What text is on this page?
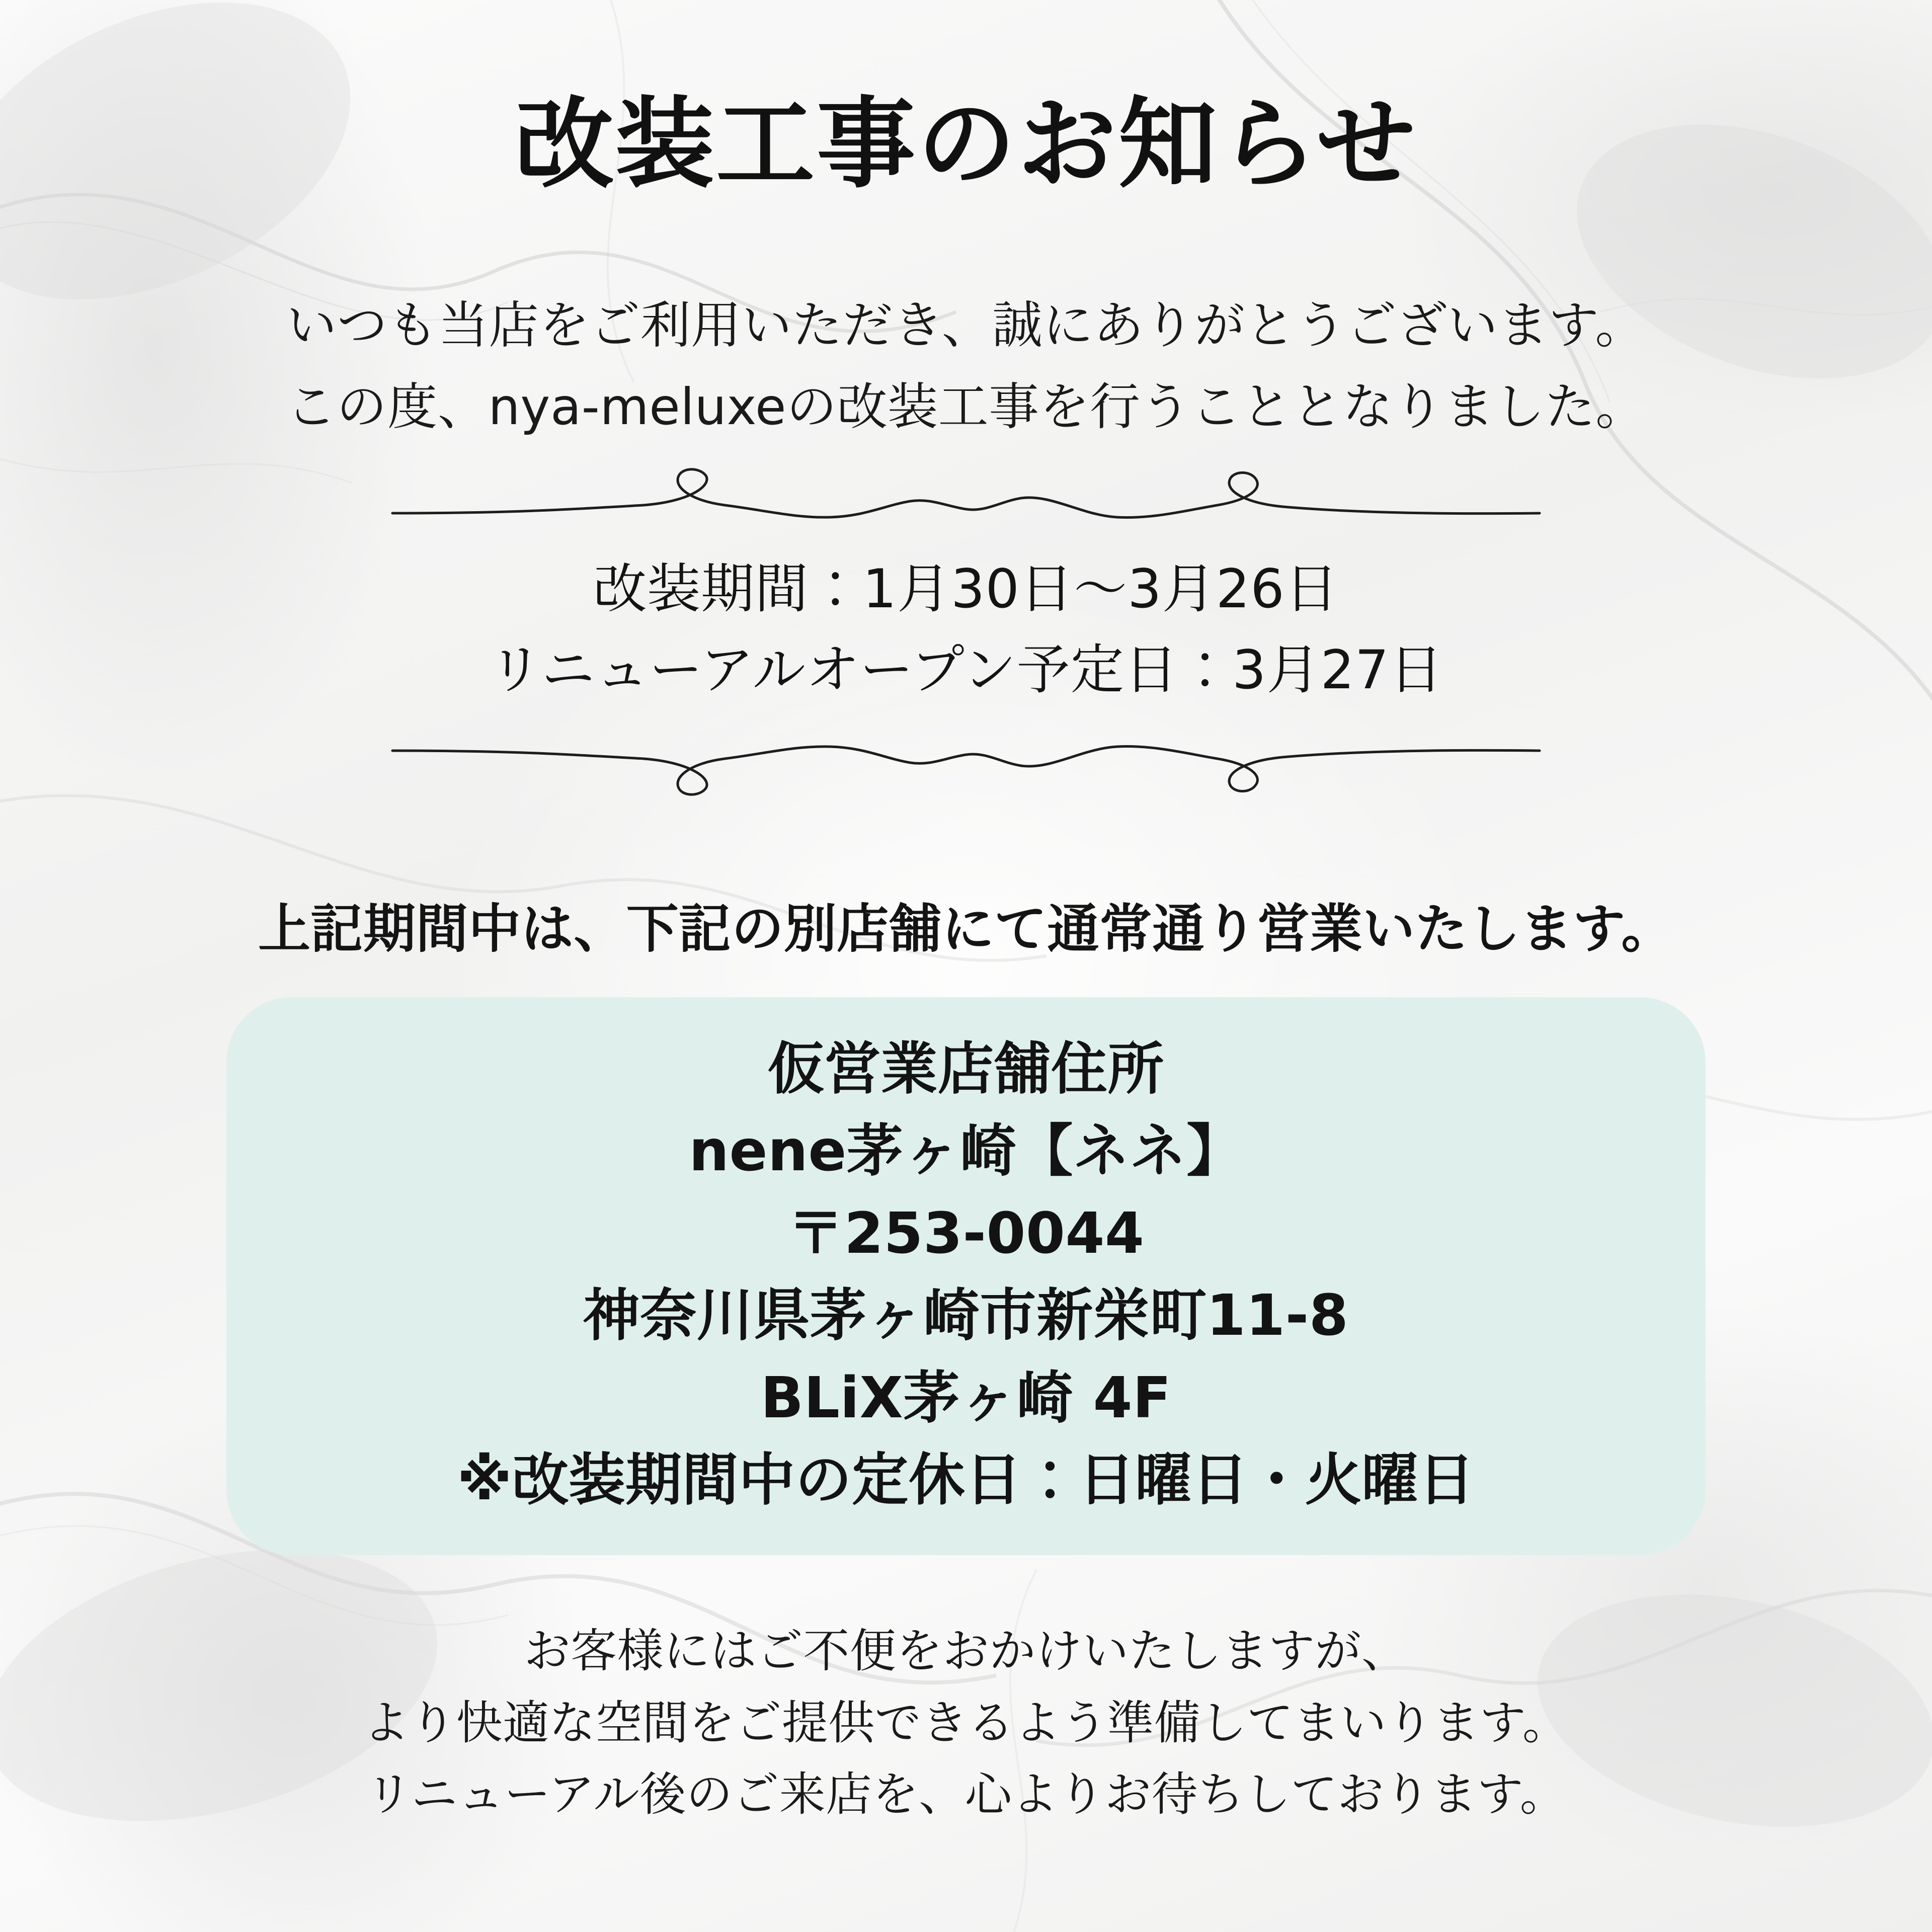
改装工事のお知らせ
いつも当店をご利用いただき、誠にありがとうございます。
この度、nya-meluxeの改装工事を行うこととなりました。
改装期間：1月30日〜3月26日
リニューアルオープン予定日：3月27日
上記期間中は、下記の別店舗にて通常通り営業いたします。
仮営業店舗住所
nene茅ヶ崎【ネネ】
〒253-0044
神奈川県茅ヶ崎市新栄町11-8
BLiX茅ヶ崎 4F
※改装期間中の定休日：日曜日・火曜日
お客様にはご不便をおかけいたしますが、
より快適な空間をご提供できるよう準備してまいります。
リニューアル後のご来店を、心よりお待ちしております。
